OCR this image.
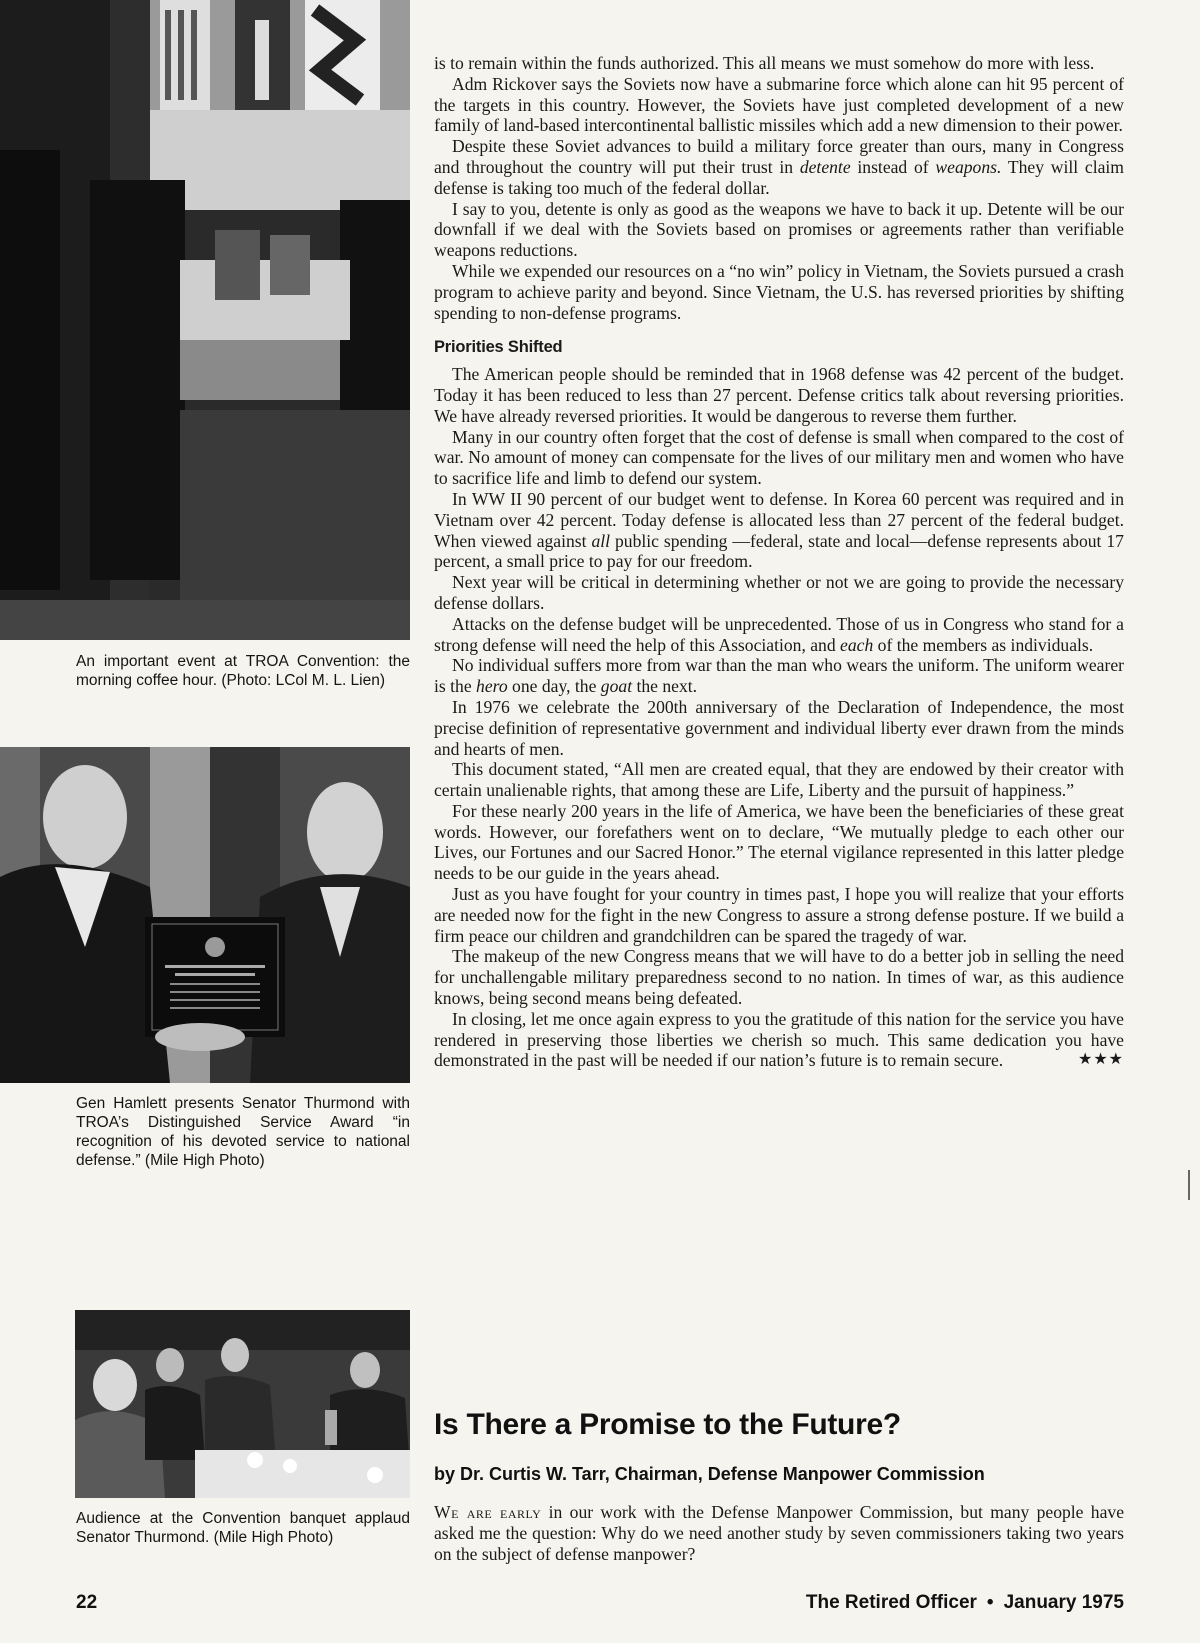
An important event at TROA Convention: the morning coffee hour. (Photo: LCol M. L. Lien)
Gen Hamlett presents Senator Thurmond with TROA’s Distinguished Service Award “in recognition of his devoted service to national defense.” (Mile High Photo)
Audience at the Convention banquet applaud Senator Thurmond. (Mile High Photo)

is to remain within the funds authorized. This all means we must somehow do more with less.

Adm Rickover says the Soviets now have a submarine force which alone can hit 95 percent of the targets in this country. However, the Soviets have just completed development of a new family of land-based intercontinental ballistic missiles which add a new dimension to their power.

Despite these Soviet advances to build a military force greater than ours, many in Congress and throughout the country will put their trust in detente instead of weapons. They will claim defense is taking too much of the federal dollar.

I say to you, detente is only as good as the weapons we have to back it up. Detente will be our downfall if we deal with the Soviets based on promises or agreements rather than verifiable weapons reductions.

While we expended our resources on a “no win” policy in Vietnam, the Soviets pursued a crash program to achieve parity and beyond. Since Vietnam, the U.S. has reversed priorities by shifting spending to non-defense programs.

Priorities Shifted

The American people should be reminded that in 1968 defense was 42 percent of the budget. Today it has been reduced to less than 27 percent. Defense critics talk about reversing priorities. We have already reversed priorities. It would be dangerous to reverse them further.

Many in our country often forget that the cost of defense is small when compared to the cost of war. No amount of money can compensate for the lives of our military men and women who have to sacrifice life and limb to defend our system.

In WW II 90 percent of our budget went to defense. In Korea 60 percent was required and in Vietnam over 42 percent. Today defense is allocated less than 27 percent of the federal budget. When viewed against all public spending —federal, state and local—defense represents about 17 percent, a small price to pay for our freedom.

Next year will be critical in determining whether or not we are going to provide the necessary defense dollars.

Attacks on the defense budget will be unprecedented. Those of us in Congress who stand for a strong defense will need the help of this Association, and each of the members as individuals.

No individual suffers more from war than the man who wears the uniform. The uniform wearer is the hero one day, the goat the next.

In 1976 we celebrate the 200th anniversary of the Declaration of Independence, the most precise definition of representative government and individual liberty ever drawn from the minds and hearts of men.

This document stated, “All men are created equal, that they are endowed by their creator with certain unalienable rights, that among these are Life, Liberty and the pursuit of happiness.”

For these nearly 200 years in the life of America, we have been the beneficiaries of these great words. However, our forefathers went on to declare, “We mutually pledge to each other our Lives, our Fortunes and our Sacred Honor.” The eternal vigilance represented in this latter pledge needs to be our guide in the years ahead.

Just as you have fought for your country in times past, I hope you will realize that your efforts are needed now for the fight in the new Congress to assure a strong defense posture. If we build a firm peace our children and grandchildren can be spared the tragedy of war.

The makeup of the new Congress means that we will have to do a better job in selling the need for unchallengable military preparedness second to no nation. In times of war, as this audience knows, being second means being defeated.

In closing, let me once again express to you the gratitude of this nation for the service you have rendered in preserving those liberties we cherish so much. This same dedication you have demonstrated in the past will be needed if our nation’s future is to remain secure.	★★★

Is There a Promise to the Future?
by Dr. Curtis W. Tarr, Chairman, Defense Manpower Commission

We are early in our work with the Defense Manpower Commission, but many people have asked me the question: Why do we need another study by seven commissioners taking two years on the subject of defense manpower?

22	The Retired Officer • January 1975
